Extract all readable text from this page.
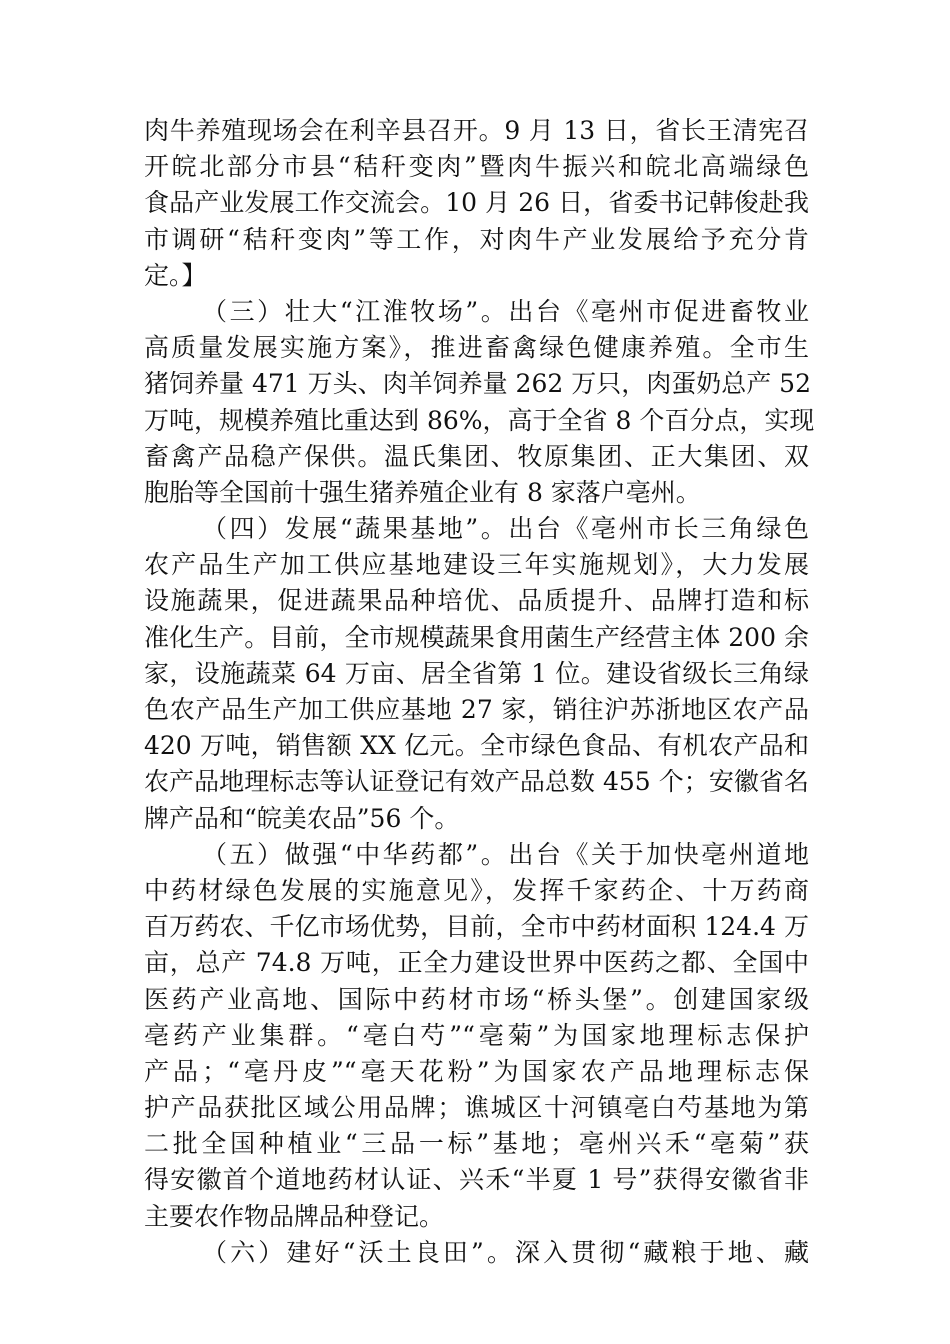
肉牛养殖现场会在利辛县召开。9 月 13 日，省长王清宪召
开皖北部分市县“秸秆变肉”暨肉牛振兴和皖北高端绿色
食品产业发展工作交流会。10 月 26 日，省委书记韩俊赴我
市调研“秸秆变肉”等工作，对肉牛产业发展给予充分肯
定。】
（三）壮大“江淮牧场”。出台《亳州市促进畜牧业
高质量发展实施方案》，推进畜禽绿色健康养殖。全市生
猪饲养量 471 万头、肉羊饲养量 262 万只，肉蛋奶总产 52
万吨，规模养殖比重达到 86%，高于全省 8 个百分点，实现
畜禽产品稳产保供。温氏集团、牧原集团、正大集团、双
胞胎等全国前十强生猪养殖企业有 8 家落户亳州。
（四）发展“蔬果基地”。出台《亳州市长三角绿色
农产品生产加工供应基地建设三年实施规划》，大力发展
设施蔬果，促进蔬果品种培优、品质提升、品牌打造和标
准化生产。目前，全市规模蔬果食用菌生产经营主体 200 余
家，设施蔬菜 64 万亩、居全省第 1 位。建设省级长三角绿
色农产品生产加工供应基地 27 家，销往沪苏浙地区农产品
420 万吨，销售额 XX 亿元。全市绿色食品、有机农产品和
农产品地理标志等认证登记有效产品总数 455 个；安徽省名
牌产品和“皖美农品”56 个。
（五）做强“中华药都”。出台《关于加快亳州道地
中药材绿色发展的实施意见》，发挥千家药企、十万药商
百万药农、千亿市场优势，目前，全市中药材面积 124.4 万
亩，总产 74.8 万吨，正全力建设世界中医药之都、全国中
医药产业高地、国际中药材市场“桥头堡”。创建国家级
亳药产业集群。“亳白芍”“亳菊”为国家地理标志保护
产品；“亳丹皮”“亳天花粉”为国家农产品地理标志保
护产品获批区域公用品牌；谯城区十河镇亳白芍基地为第
二批全国种植业“三品一标”基地；亳州兴禾“亳菊”获
得安徽首个道地药材认证、兴禾“半夏 1 号”获得安徽省非
主要农作物品牌品种登记。
（六）建好“沃土良田”。深入贯彻“藏粮于地、藏
